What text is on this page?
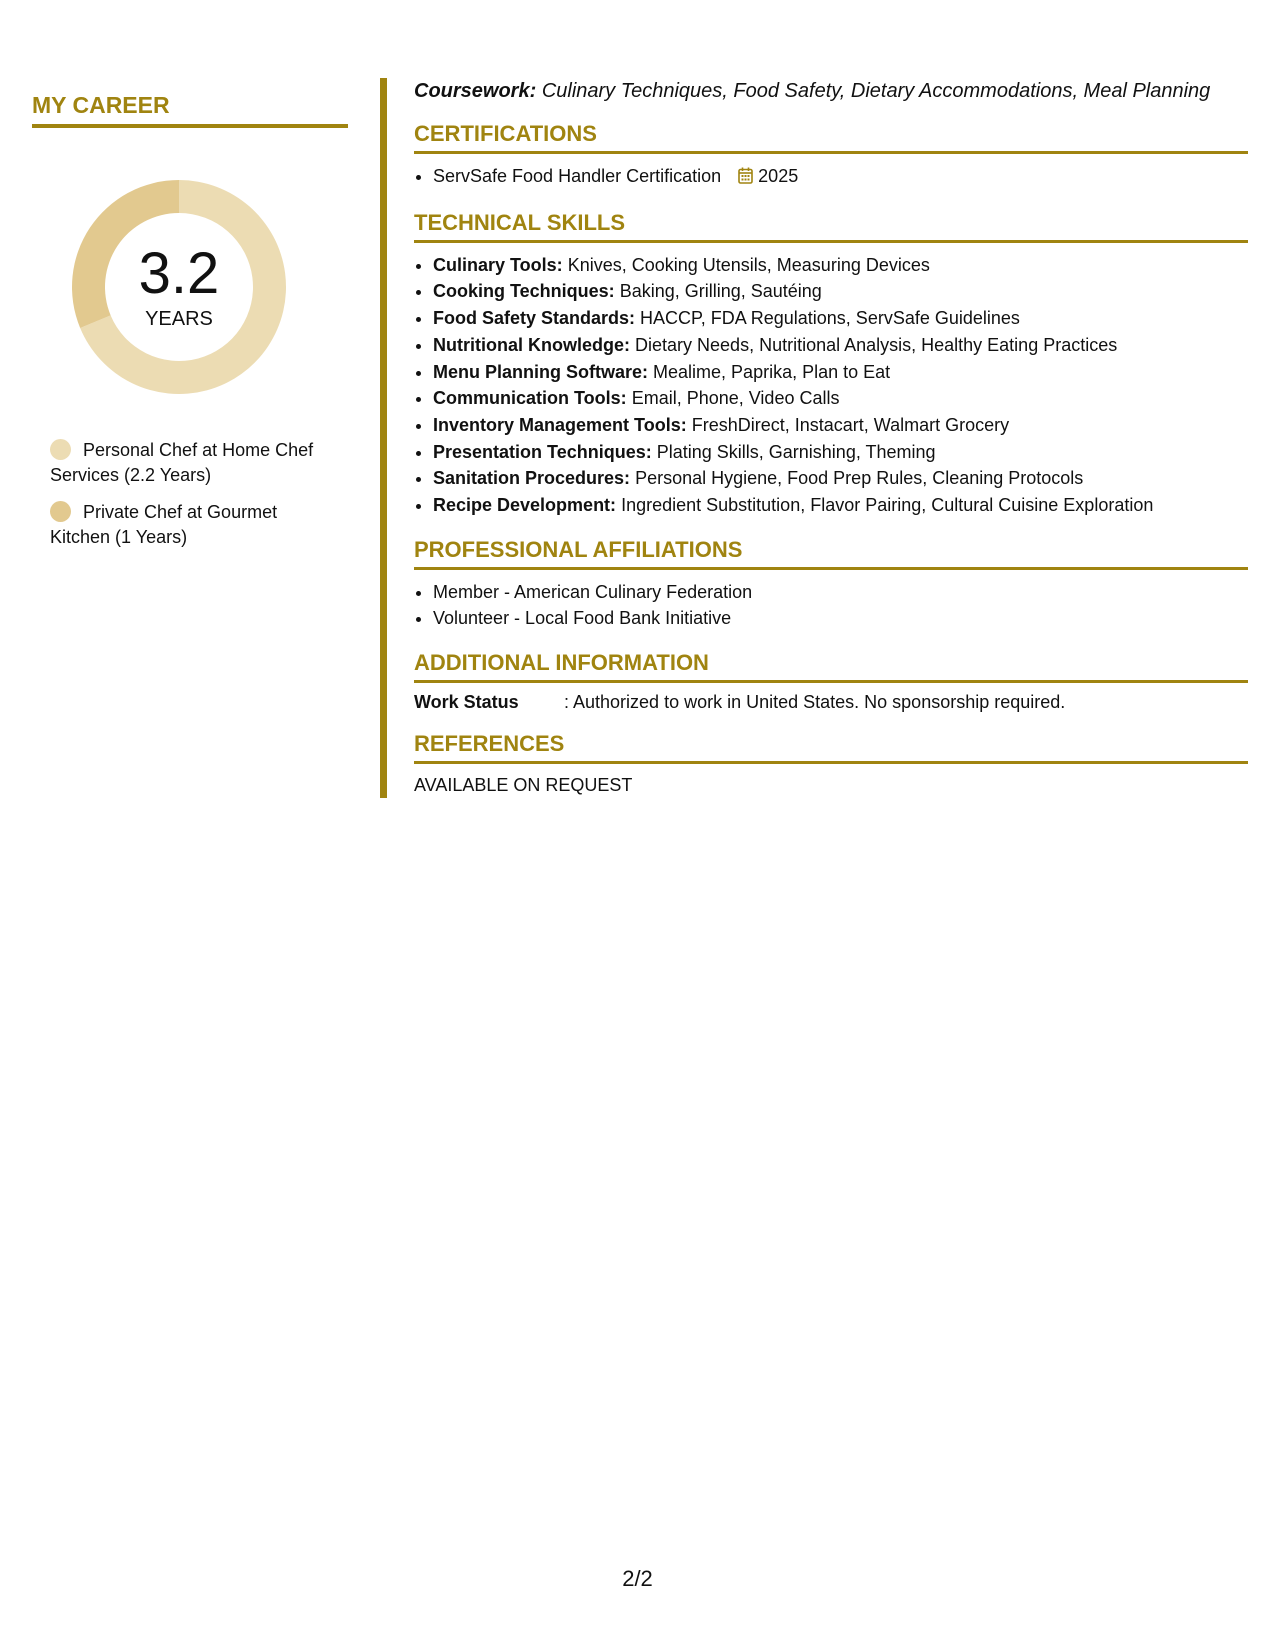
MY CAREER
3.2
YEARS
Personal Chef at Home Chef Services (2.2 Years)
Private Chef at Gourmet Kitchen (1 Years)
Coursework: Culinary Techniques, Food Safety, Dietary Accommodations, Meal Planning
CERTIFICATIONS
• ServSafe Food Handler Certification 2025
TECHNICAL SKILLS
• Culinary Tools: Knives, Cooking Utensils, Measuring Devices
• Cooking Techniques: Baking, Grilling, Sautéing
• Food Safety Standards: HACCP, FDA Regulations, ServSafe Guidelines
• Nutritional Knowledge: Dietary Needs, Nutritional Analysis, Healthy Eating Practices
• Menu Planning Software: Mealime, Paprika, Plan to Eat
• Communication Tools: Email, Phone, Video Calls
• Inventory Management Tools: FreshDirect, Instacart, Walmart Grocery
• Presentation Techniques: Plating Skills, Garnishing, Theming
• Sanitation Procedures: Personal Hygiene, Food Prep Rules, Cleaning Protocols
• Recipe Development: Ingredient Substitution, Flavor Pairing, Cultural Cuisine Exploration
PROFESSIONAL AFFILIATIONS
• Member - American Culinary Federation
• Volunteer - Local Food Bank Initiative
ADDITIONAL INFORMATION
Work Status	: Authorized to work in United States. No sponsorship required.
REFERENCES
AVAILABLE ON REQUEST
2/2
